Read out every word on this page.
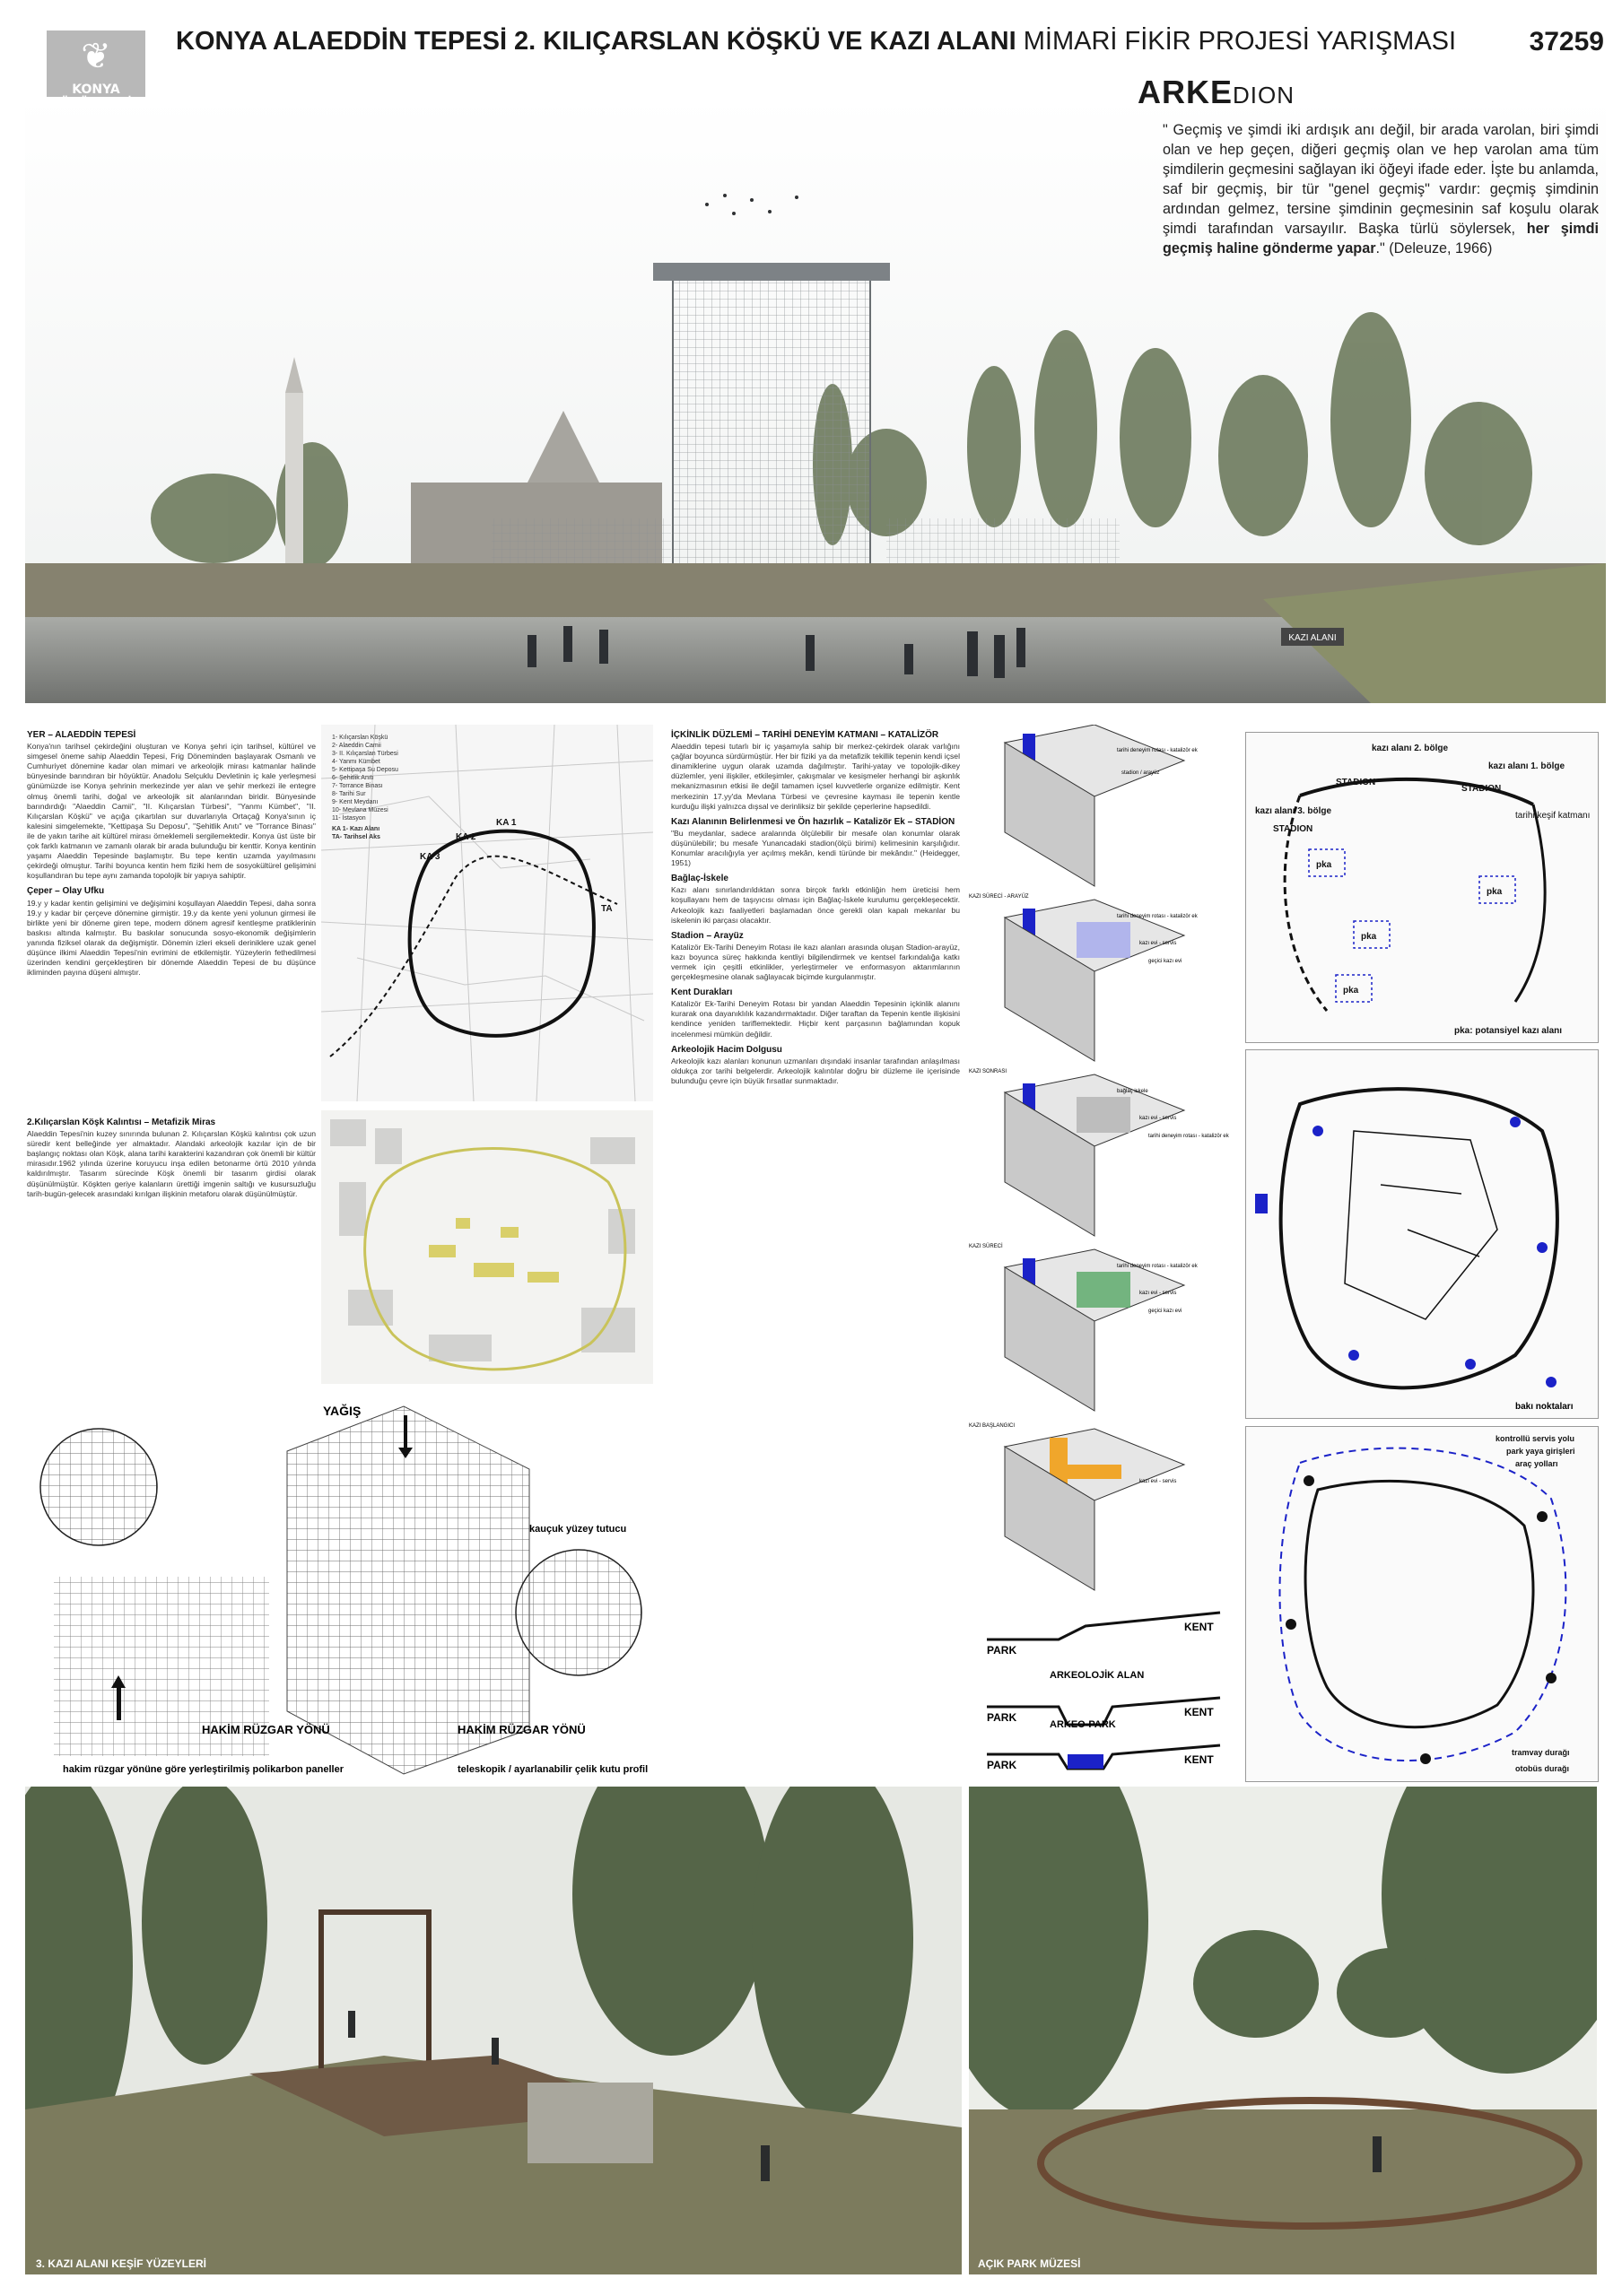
❦
KONYA
KONYA ALAEDDİN TEPESİ 2. KILIÇARSLAN KÖŞKÜ VE KAZI ALANI MİMARİ FİKİR PROJESİ YARIŞMASI	37259
KAZI ALANI
ARKEDION
" Geçmiş ve şimdi iki ardışık anı değil, bir arada varolan, biri şimdi olan ve hep geçen, diğeri geçmiş olan ve hep varolan ama tüm şimdilerin geçmesini sağlayan iki öğeyi ifade eder. İşte bu anlamda, saf bir geçmiş, bir tür "genel geçmiş" vardır: geçmiş şimdinin ardından gelmez, tersine şimdinin geçmesinin saf koşulu olarak şimdi tarafından varsayılır. Başka türlü söylersek, her şimdi geçmiş haline gönderme yapar." (Deleuze, 1966)
YER – ALAEDDİN TEPESİ
Konya'nın tarihsel çekirdeğini oluşturan ve Konya şehri için tarihsel, kültürel ve simgesel öneme sahip Alaeddin Tepesi, Frig Döneminden başlayarak Osmanlı ve Cumhuriyet dönemine kadar olan mimari ve arkeolojik mirası katmanlar halinde bünyesinde barındıran bir höyüktür. Anadolu Selçuklu Devletinin iç kale yerleşmesi günümüzde ise Konya şehrinin merkezinde yer alan ve şehir merkezi ile entegre olmuş önemli tarihi, doğal ve arkeolojik sit alanlarından biridir. Bünyesinde barındırdığı "Alaeddin Camii", "II. Kılıçarslan Türbesi", "Yanmı Kümbet", "II. Kılıçarslan Köşkü" ve açığa çıkartılan sur duvarlarıyla Ortaçağ Konya'sının iç kalesini simgelemekte, "Kettipaşa Su Deposu", "Şehitlik Anıtı" ve "Torrance Binası" ile de yakın tarihe ait kültürel mirası örneklemeli sergilemektedir. Konya üst üste bir çok farklı katmanın ve zamanlı olarak bir arada bulunduğu bir kenttir. Konya kentinin yaşamı Alaeddin Tepesinde başlamıştır. Bu tepe kentin uzamda yayılmasını çekirdeği olmuştur. Tarihi boyunca kentin hem fiziki hem de sosyokültürel gelişimini koşullandıran bu tepe aynı zamanda topolojik bir yapıya sahiptir.
Çeper – Olay Ufku
19.y y kadar kentin gelişimini ve değişimini koşullayan Alaeddin Tepesi, daha sonra 19.y y kadar bir çerçeve dönemine girmiştir. 19.y da kente yeni yolunun girmesi ile birlikte yeni bir döneme giren tepe, modern dönem agresif kentleşme pratiklerinin baskısı altında kalmıştır. Bu baskılar sonucunda sosyo-ekonomik değişimlerin yanında fiziksel olarak da değişmiştir. Dönemin izleri ekseli deriniklere uzak genel düşünce ilkimi Alaeddin Tepesi'nin evrimini de etkilemiştir. Yüzeylerin fethedilmesi üzerinden kendini gerçekleştiren bir dönemde Alaeddin Tepesi de bu düşünce ikliminden payına düşeni almıştır.
2.Kılıçarslan Köşk Kalıntısı – Metafizik Miras
Alaeddin Tepesi'nin kuzey sınırında bulunan 2. Kılıçarslan Köşkü kalıntısı çok uzun süredir kent belleğinde yer almaktadır. Alandaki arkeolojik kazılar için de bir başlangıç noktası olan Köşk, alana tarihi karakterini kazandıran çok önemli bir kültür mirasıdır.1962 yılında üzerine koruyucu inşa edilen betonarme örtü 2010 yılında kaldırılmıştır. Tasarım sürecinde Köşk önemli bir tasarım girdisi olarak düşünülmüştür. Köşkten geriye kalanların ürettiği imgenin saltığı ve kusursuzluğu tarih-bugün-gelecek arasındaki kırılgan ilişkinin metaforu olarak düşünülmüştür.
KA 3
KA 2
KA 1
TA
1- Kılıçarslan Köşkü
2- Alaeddin Camii
3- II. Kılıçarslan Türbesi
4- Yanmı Kümbet
5- Kettipaşa Su Deposu
6- Şehitlik Anıtı
7- Torrance Binası
8- Tarihi Sur
9- Kent Meydanı
10- Mevlana Müzesi
11- İstasyon
KA 1- Kazı Alanı
TA- Tarihsel Aks
YAĞIŞ
kauçuk yüzey tutucu
HAKİM RÜZGAR YÖNÜ	HAKİM RÜZGAR YÖNÜ
hakim rüzgar yönüne göre yerleştirilmiş polikarbon paneller	teleskopik / ayarlanabilir çelik kutu profil
İÇKİNLİK DÜZLEMİ – TARİHİ DENEYİM KATMANI – KATALİZÖR
Alaeddin tepesi tutarlı bir iç yaşamıyla sahip bir merkez-çekirdek olarak varlığını çağlar boyunca sürdürmüştür. Her bir fiziki ya da metafizik tekillik tepenin kendi içsel dinamiklerine uygun olarak uzamda dağılmıştır. Tarihi-yatay ve topolojik-dikey düzlemler, yeni ilişkiler, etkileşimler, çakışmalar ve kesişmeler herhangi bir aşkınlık mekanizmasının etkisi ile değil tamamen içsel kuvvetlerle organize edilmiştir. Kent merkezinin 17.yy'da Mevlana Türbesi ve çevresine kayması ile tepenin kentle kurduğu ilişki yalnızca dışsal ve derinliksiz bir şekilde çeperlerine hapsedildi.
Kazı Alanının Belirlenmesi ve Ön hazırlık – Katalizör Ek – STADİON
"Bu meydanlar, sadece aralarında ölçülebilir bir mesafe olan konumlar olarak düşünülebilir; bu mesafe Yunancadaki stadion(ölçü birimi) kelimesinin karşılığıdır. Konumlar aracılığıyla yer açılmış mekân, kendi türünde bir mekândır." (Heidegger, 1951)
Bağlaç-İskele
Kazı alanı sınırlandırıldıktan sonra birçok farklı etkinliğin hem üreticisi hem koşullayanı hem de taşıyıcısı olması için Bağlaç-İskele kurulumu gerçekleşecektir. Arkeolojik kazı faaliyetleri başlamadan önce gerekli olan kapalı mekanlar bu iskelenin iki parçası olacaktır.
Stadion – Arayüz
Katalizör Ek-Tarihi Deneyim Rotası ile kazı alanları arasında oluşan Stadion-arayüz, kazı boyunca süreç hakkında kentliyi bilgilendirmek ve kentsel farkındalığa katkı vermek için çeşitli etkinlikler, yerleştirmeler ve enformasyon aktarımlarının gerçekleşmesine olanak sağlayacak biçimde kurgulanmıştır.
Kent Durakları
Katalizör Ek-Tarihi Deneyim Rotası bir yandan Alaeddin Tepesinin içkinlik alanını kurarak ona dayanıklılık kazandırmaktadır. Diğer taraftan da Tepenin kentle ilişkisini kendince yeniden tariflemektedir. Hiçbir kent parçasının bağlamından kopuk incelenmesi mümkün değildir.
Arkeolojik Hacim Dolgusu
Arkeolojik kazı alanları konunun uzmanları dışındaki insanlar tarafından anlaşılması oldukça zor tarihi belgelerdir. Arkeolojik kalıntılar doğru bir düzleme ile içerisinde bulunduğu çevre için büyük fırsatlar sunmaktadır.
tarihi deneyim rotası - katalizör ek
stadion / arayüz
KAZI SÜRECİ - ARAYÜZ
tarihi deneyim rotası - katalizör ek
kazı evi - servis
geçici kazı evi
KAZI SONRASI
bağlaç iskele
kazı evi - servis
tarihi deneyim rotası - katalizör ek
KAZI SÜRECİ
tarihi deneyim rotası - katalizör ek
kazı evi - servis
geçici kazı evi
KAZI BAŞLANGICI
kazı evi - servis
PARK
KENT
ARKEOLOJİK ALAN
PARK	KENT
ARKEO-PARK
PARK	KENT
kazı alanı 2. bölge
kazı alanı 1. bölge
kazı alanı 3. bölge
STADION
STADION
STADION
tarihi keşif katmanı
pka
pka
pka
pka
pka: potansiyel kazı alanı
bakı noktaları
kontrollü servis yolu
park yaya girişleri
araç yolları
tramvay durağı
otobüs durağı
3. KAZI ALANI KEŞİF YÜZEYLERİ	AÇIK PARK MÜZESİ
